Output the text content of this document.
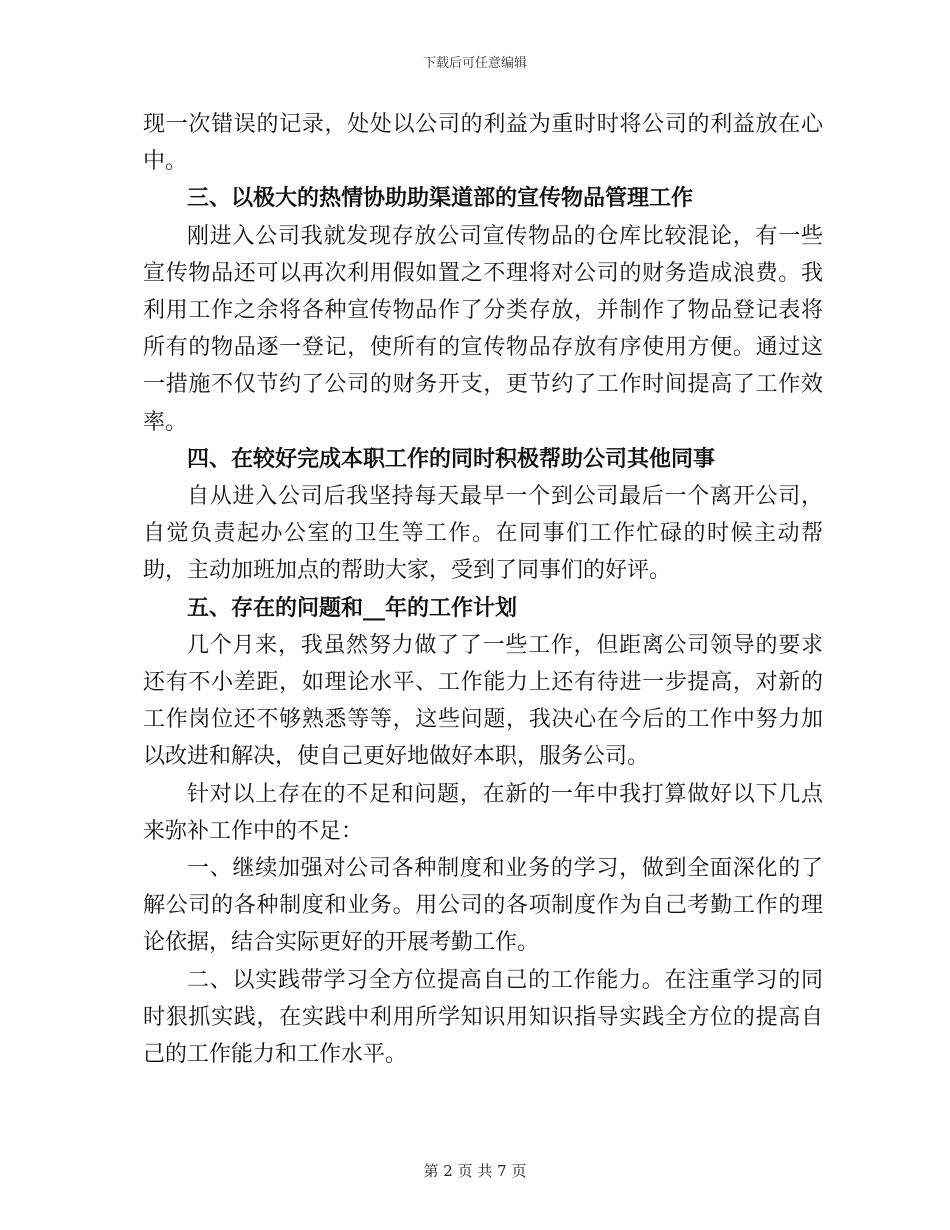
下载后可任意编辑

现一次错误的记录，处处以公司的利益为重时时将公司的利益放在心中。

三、以极大的热情协助助渠道部的宣传物品管理工作

刚进入公司我就发现存放公司宣传物品的仓库比较混论，有一些宣传物品还可以再次利用假如置之不理将对公司的财务造成浪费。我利用工作之余将各种宣传物品作了分类存放，并制作了物品登记表将所有的物品逐一登记，使所有的宣传物品存放有序使用方便。通过这一措施不仅节约了公司的财务开支，更节约了工作时间提高了工作效率。

四、在较好完成本职工作的同时积极帮助公司其他同事

自从进入公司后我坚持每天最早一个到公司最后一个离开公司，自觉负责起办公室的卫生等工作。在同事们工作忙碌的时候主动帮助，主动加班加点的帮助大家，受到了同事们的好评。

五、存在的问题和__年的工作计划

几个月来，我虽然努力做了了一些工作，但距离公司领导的要求还有不小差距，如理论水平、工作能力上还有待进一步提高，对新的工作岗位还不够熟悉等等，这些问题，我决心在今后的工作中努力加以改进和解决，使自己更好地做好本职，服务公司。

针对以上存在的不足和问题，在新的一年中我打算做好以下几点来弥补工作中的不足：

一、继续加强对公司各种制度和业务的学习，做到全面深化的了解公司的各种制度和业务。用公司的各项制度作为自己考勤工作的理论依据，结合实际更好的开展考勤工作。

二、以实践带学习全方位提高自己的工作能力。在注重学习的同时狠抓实践，在实践中利用所学知识用知识指导实践全方位的提高自己的工作能力和工作水平。

第 2 页 共 7 页
